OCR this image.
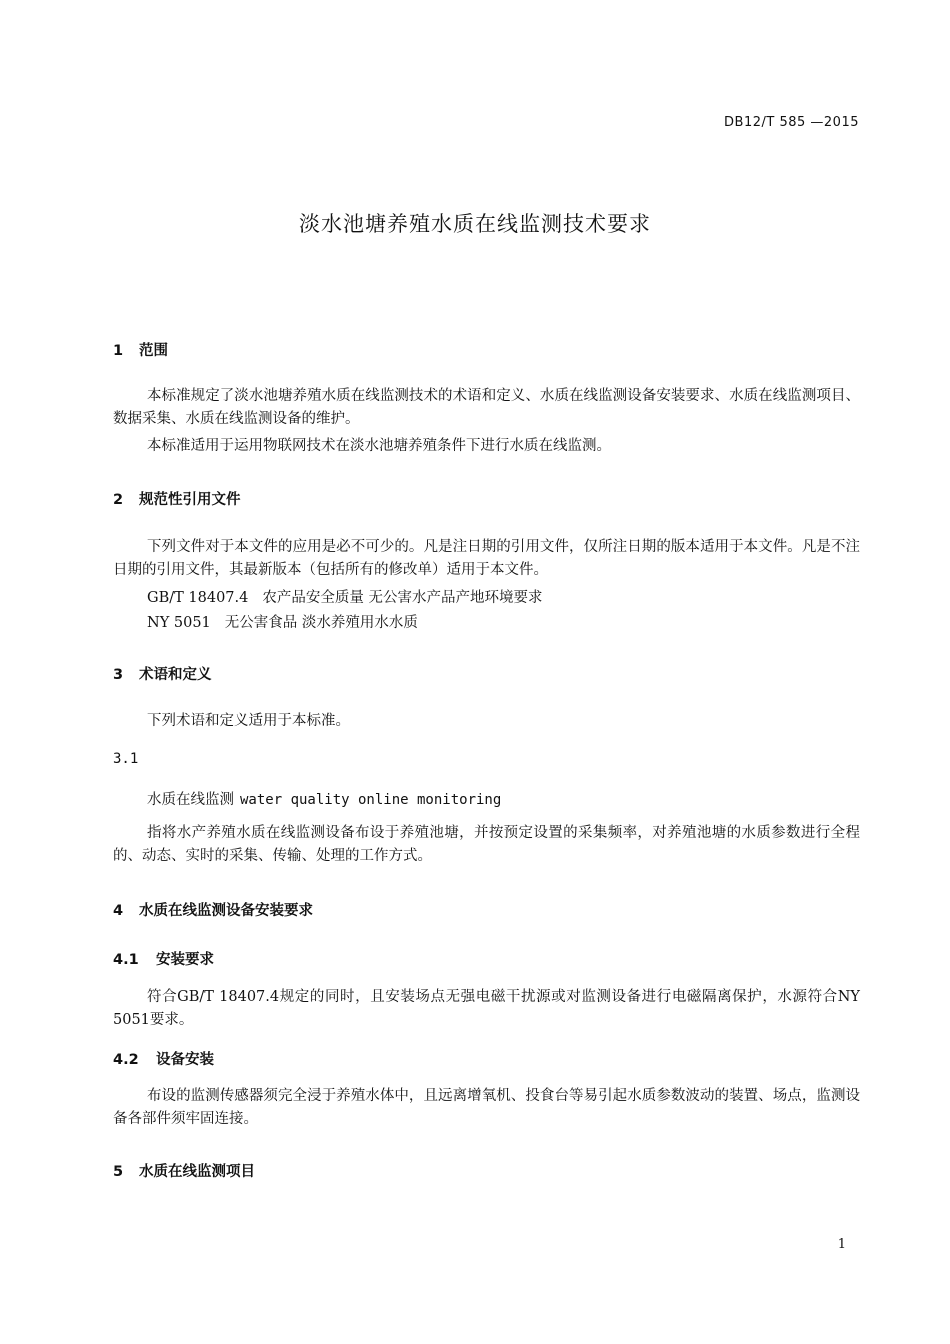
DB12/T 585 —2015
淡水池塘养殖水质在线监测技术要求
1 范围
本标准规定了淡水池塘养殖水质在线监测技术的术语和定义、水质在线监测设备安装要求、水质在线监测项目、数据采集、水质在线监测设备的维护。
本标准适用于运用物联网技术在淡水池塘养殖条件下进行水质在线监测。
2 规范性引用文件
下列文件对于本文件的应用是必不可少的。凡是注日期的引用文件，仅所注日期的版本适用于本文件。凡是不注日期的引用文件，其最新版本（包括所有的修改单）适用于本文件。
GB/T 18407.4 农产品安全质量 无公害水产品产地环境要求
NY 5051 无公害食品 淡水养殖用水水质
3 术语和定义
下列术语和定义适用于本标准。
3.1
水质在线监测 water quality online monitoring
指将水产养殖水质在线监测设备布设于养殖池塘，并按预定设置的采集频率，对养殖池塘的水质参数进行全程的、动态、实时的采集、传输、处理的工作方式。
4 水质在线监测设备安装要求
4.1 安装要求
符合GB/T 18407.4规定的同时，且安装场点无强电磁干扰源或对监测设备进行电磁隔离保护，水源符合NY 5051要求。
4.2 设备安装
布设的监测传感器须完全浸于养殖水体中，且远离增氧机、投食台等易引起水质参数波动的装置、场点，监测设备各部件须牢固连接。
5 水质在线监测项目
1
